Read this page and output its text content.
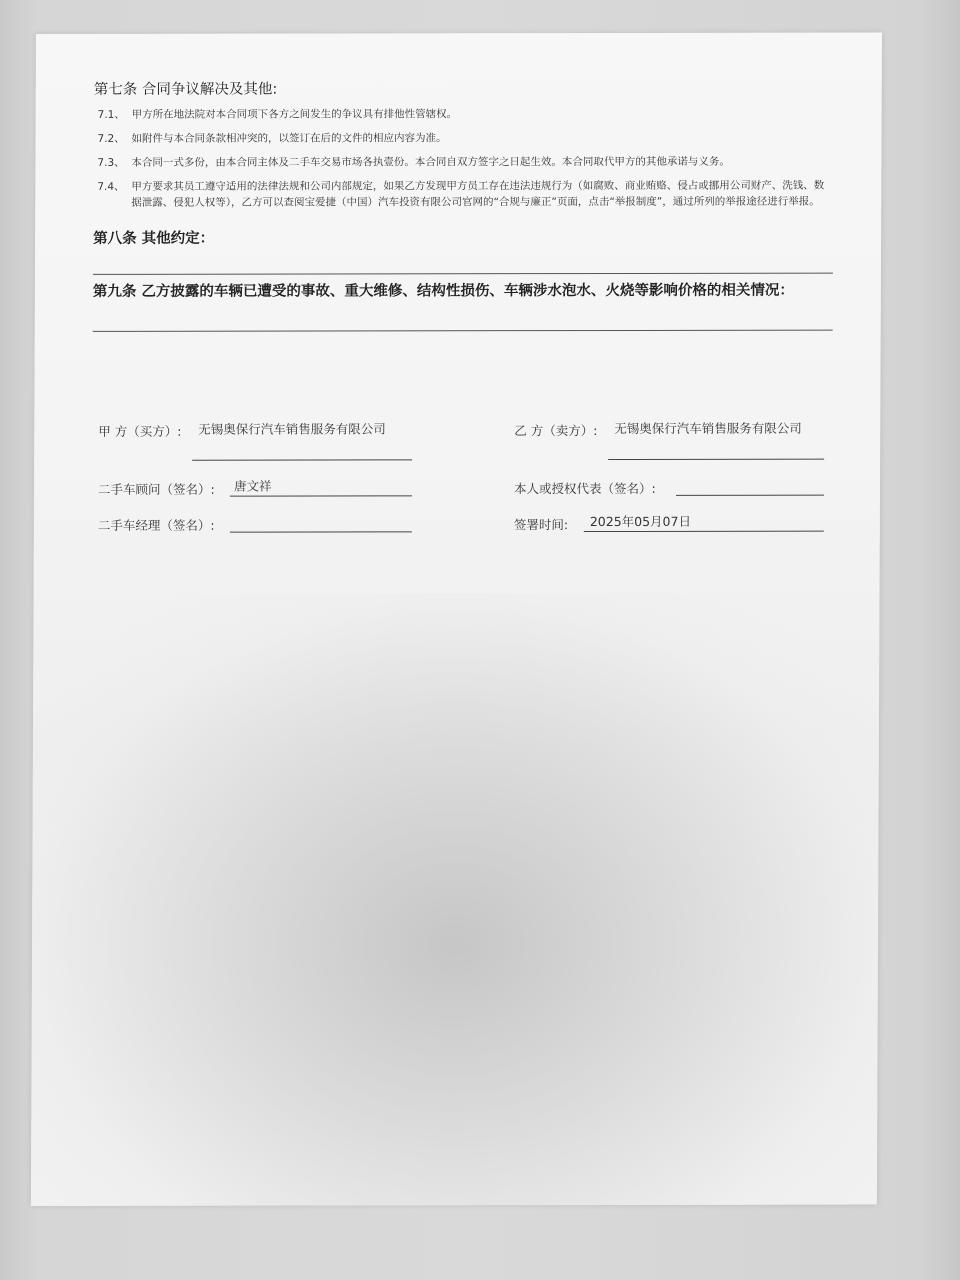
第七条 合同争议解决及其他:
7.1、 甲方所在地法院对本合同项下各方之间发生的争议具有排他性管辖权。
7.2、 如附件与本合同条款相冲突的，以签订在后的文件的相应内容为准。
7.3、 本合同一式多份，由本合同主体及二手车交易市场各执壹份。本合同自双方签字之日起生效。本合同取代甲方的其他承诺与义务。
7.4、 甲方要求其员工遵守适用的法律法规和公司内部规定，如果乙方发现甲方员工存在违法违规行为（如腐败、商业贿赂、侵占或挪用公司财产、洗钱、数据泄露、侵犯人权等），乙方可以查阅宝爱捷（中国）汽车投资有限公司官网的“合规与廉正”页面，点击“举报制度”，通过所列的举报途径进行举报。
第八条 其他约定：
第九条 乙方披露的车辆已遭受的事故、重大维修、结构性损伤、车辆涉水泡水、火烧等影响价格的相关情况：
甲 方（买方）: 无锡奥保行汽车销售服务有限公司	乙 方（卖方）: 无锡奥保行汽车销售服务有限公司
二手车顾问（签名）: 唐文祥	本人或授权代表（签名）:
二手车经理（签名）:	签署时间: 2025年05月07日
